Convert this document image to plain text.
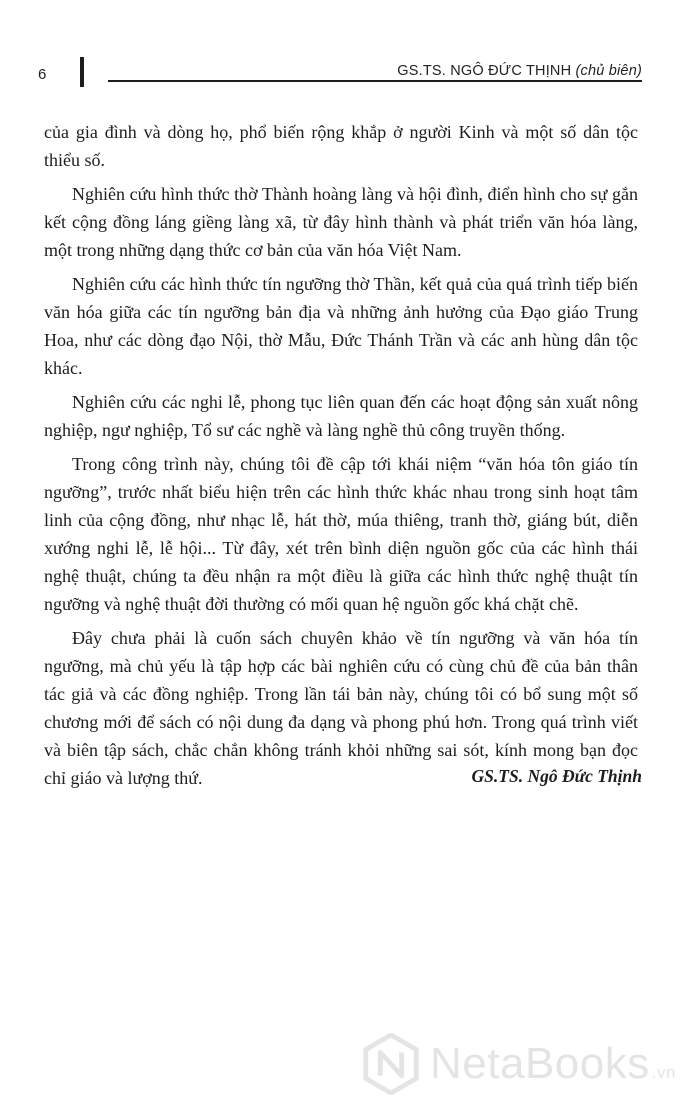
6	GS.TS. NGÔ ĐỨC THỊNH (chủ biên)

của gia đình và dòng họ, phổ biến rộng khắp ở người Kinh và một số dân tộc thiểu số.

Nghiên cứu hình thức thờ Thành hoàng làng và hội đình, điển hình cho sự gắn kết cộng đồng láng giềng làng xã, từ đây hình thành và phát triển văn hóa làng, một trong những dạng thức cơ bản của văn hóa Việt Nam.

Nghiên cứu các hình thức tín ngưỡng thờ Thần, kết quả của quá trình tiếp biến văn hóa giữa các tín ngưỡng bản địa và những ảnh hưởng của Đạo giáo Trung Hoa, như các dòng đạo Nội, thờ Mẫu, Đức Thánh Trần và các anh hùng dân tộc khác.

Nghiên cứu các nghi lễ, phong tục liên quan đến các hoạt động sản xuất nông nghiệp, ngư nghiệp, Tổ sư các nghề và làng nghề thủ công truyền thống.

Trong công trình này, chúng tôi đề cập tới khái niệm “văn hóa tôn giáo tín ngưỡng”, trước nhất biểu hiện trên các hình thức khác nhau trong sinh hoạt tâm linh của cộng đồng, như nhạc lễ, hát thờ, múa thiêng, tranh thờ, giáng bút, diễn xướng nghi lễ, lễ hội... Từ đây, xét trên bình diện nguồn gốc của các hình thái nghệ thuật, chúng ta đều nhận ra một điều là giữa các hình thức nghệ thuật tín ngưỡng và nghệ thuật đời thường có mối quan hệ nguồn gốc khá chặt chẽ.

Đây chưa phải là cuốn sách chuyên khảo về tín ngưỡng và văn hóa tín ngưỡng, mà chủ yếu là tập hợp các bài nghiên cứu có cùng chủ đề của bản thân tác giả và các đồng nghiệp. Trong lần tái bản này, chúng tôi có bổ sung một số chương mới để sách có nội dung đa dạng và phong phú hơn. Trong quá trình viết và biên tập sách, chắc chắn không tránh khỏi những sai sót, kính mong bạn đọc chỉ giáo và lượng thứ.	GS.TS. Ngô Đức Thịnh
NetaBooks .vn
